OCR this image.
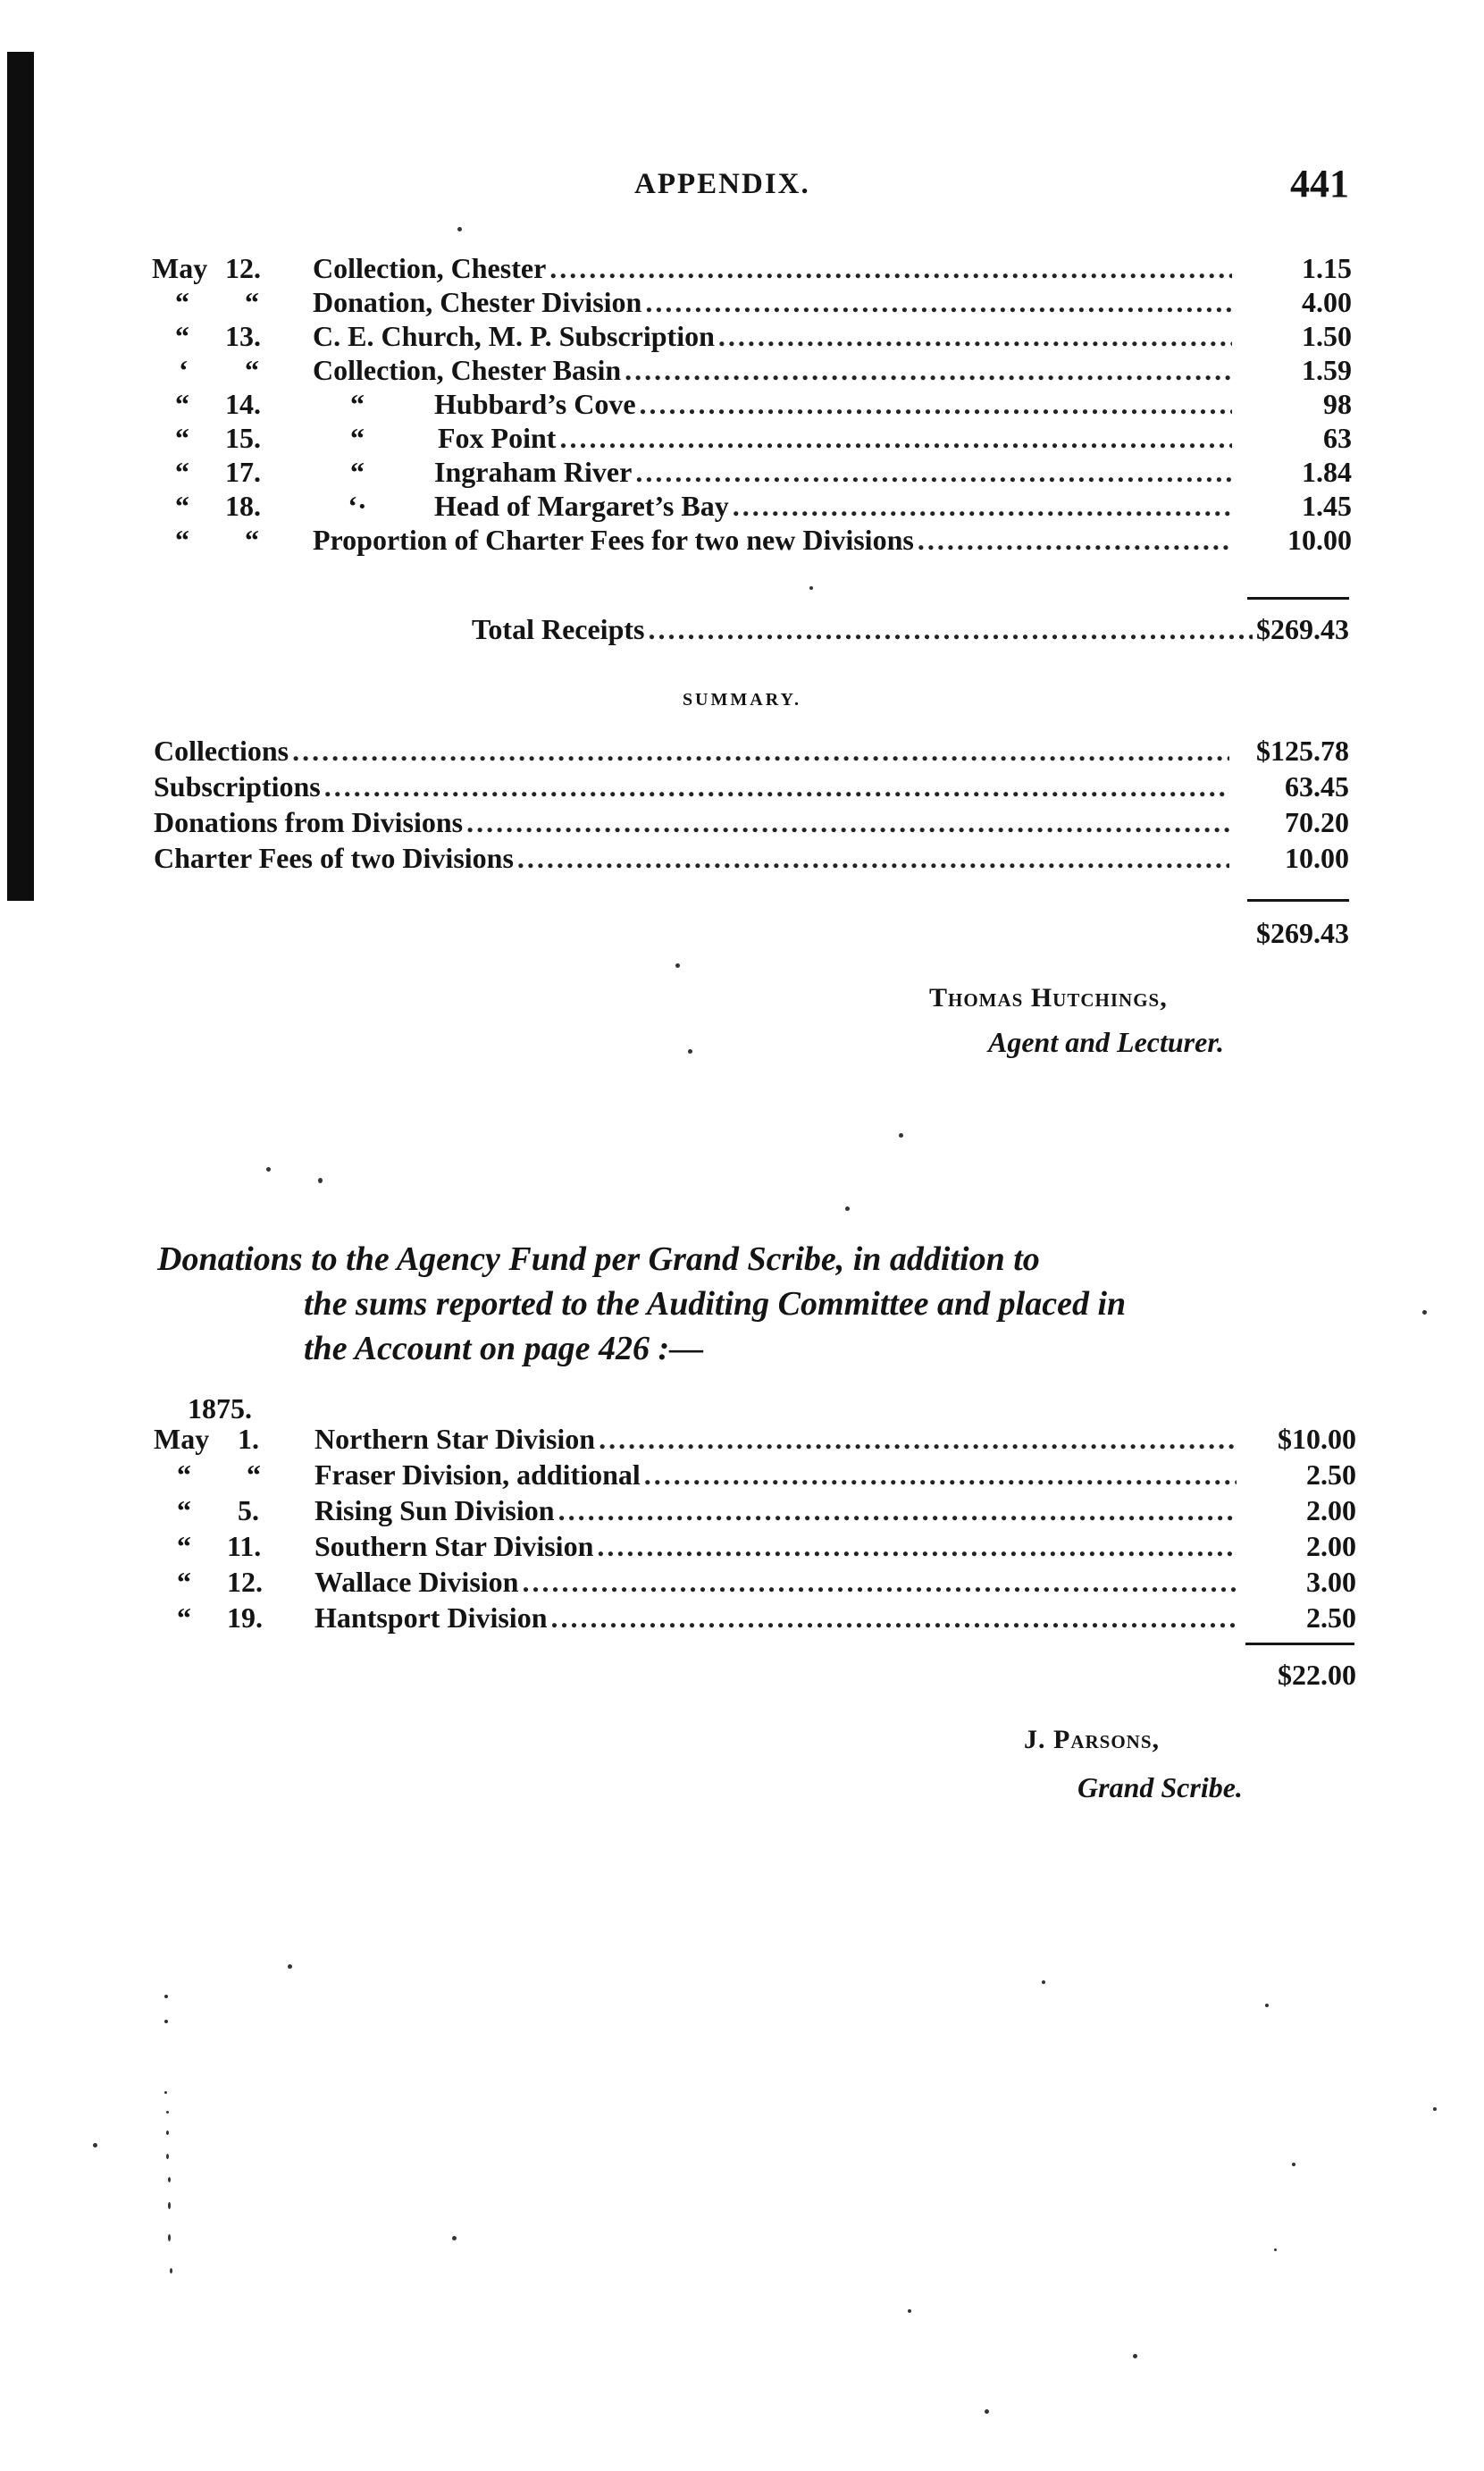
APPENDIX.	441
May 12.	Collection, Chester .....	1.15
“	“	Donation, Chester Division .....	4.00
“	13.	C. E. Church, M. P. Subscription .....	1.50
‘	“	Collection, Chester Basin .....	1.59
“	14.	“	Hubbard’s Cove .....	98
“	15.	“	Fox Point .....	63
“	17.	“	Ingraham River .....	1.84
“	18.	‘·	Head of Margaret’s Bay .....	1.45
“	“	Proportion of Charter Fees for two new Divisions .....	10.00
Total Receipts .....	$269.43
SUMMARY.
Collections .....	$125.78
Subscriptions .....	63.45
Donations from Divisions .....	70.20
Charter Fees of two Divisions .....	10.00
$269.43
Thomas Hutchings,
Agent and Lecturer.
Donations to the Agency Fund per Grand Scribe, in addition to
the sums reported to the Auditing Committee and placed in
the Account on page 426 :—
1875.
May 1.	Northern Star Division .....	$10.00
“	“	Fraser Division, additional .....	2.50
“	5.	Rising Sun Division .....	2.00
“	11.	Southern Star Division .....	2.00
“	12.	Wallace Division .....	3.00
“	19.	Hantsport Division .....	2.50
$22.00
J. Parsons,
Grand Scribe.
